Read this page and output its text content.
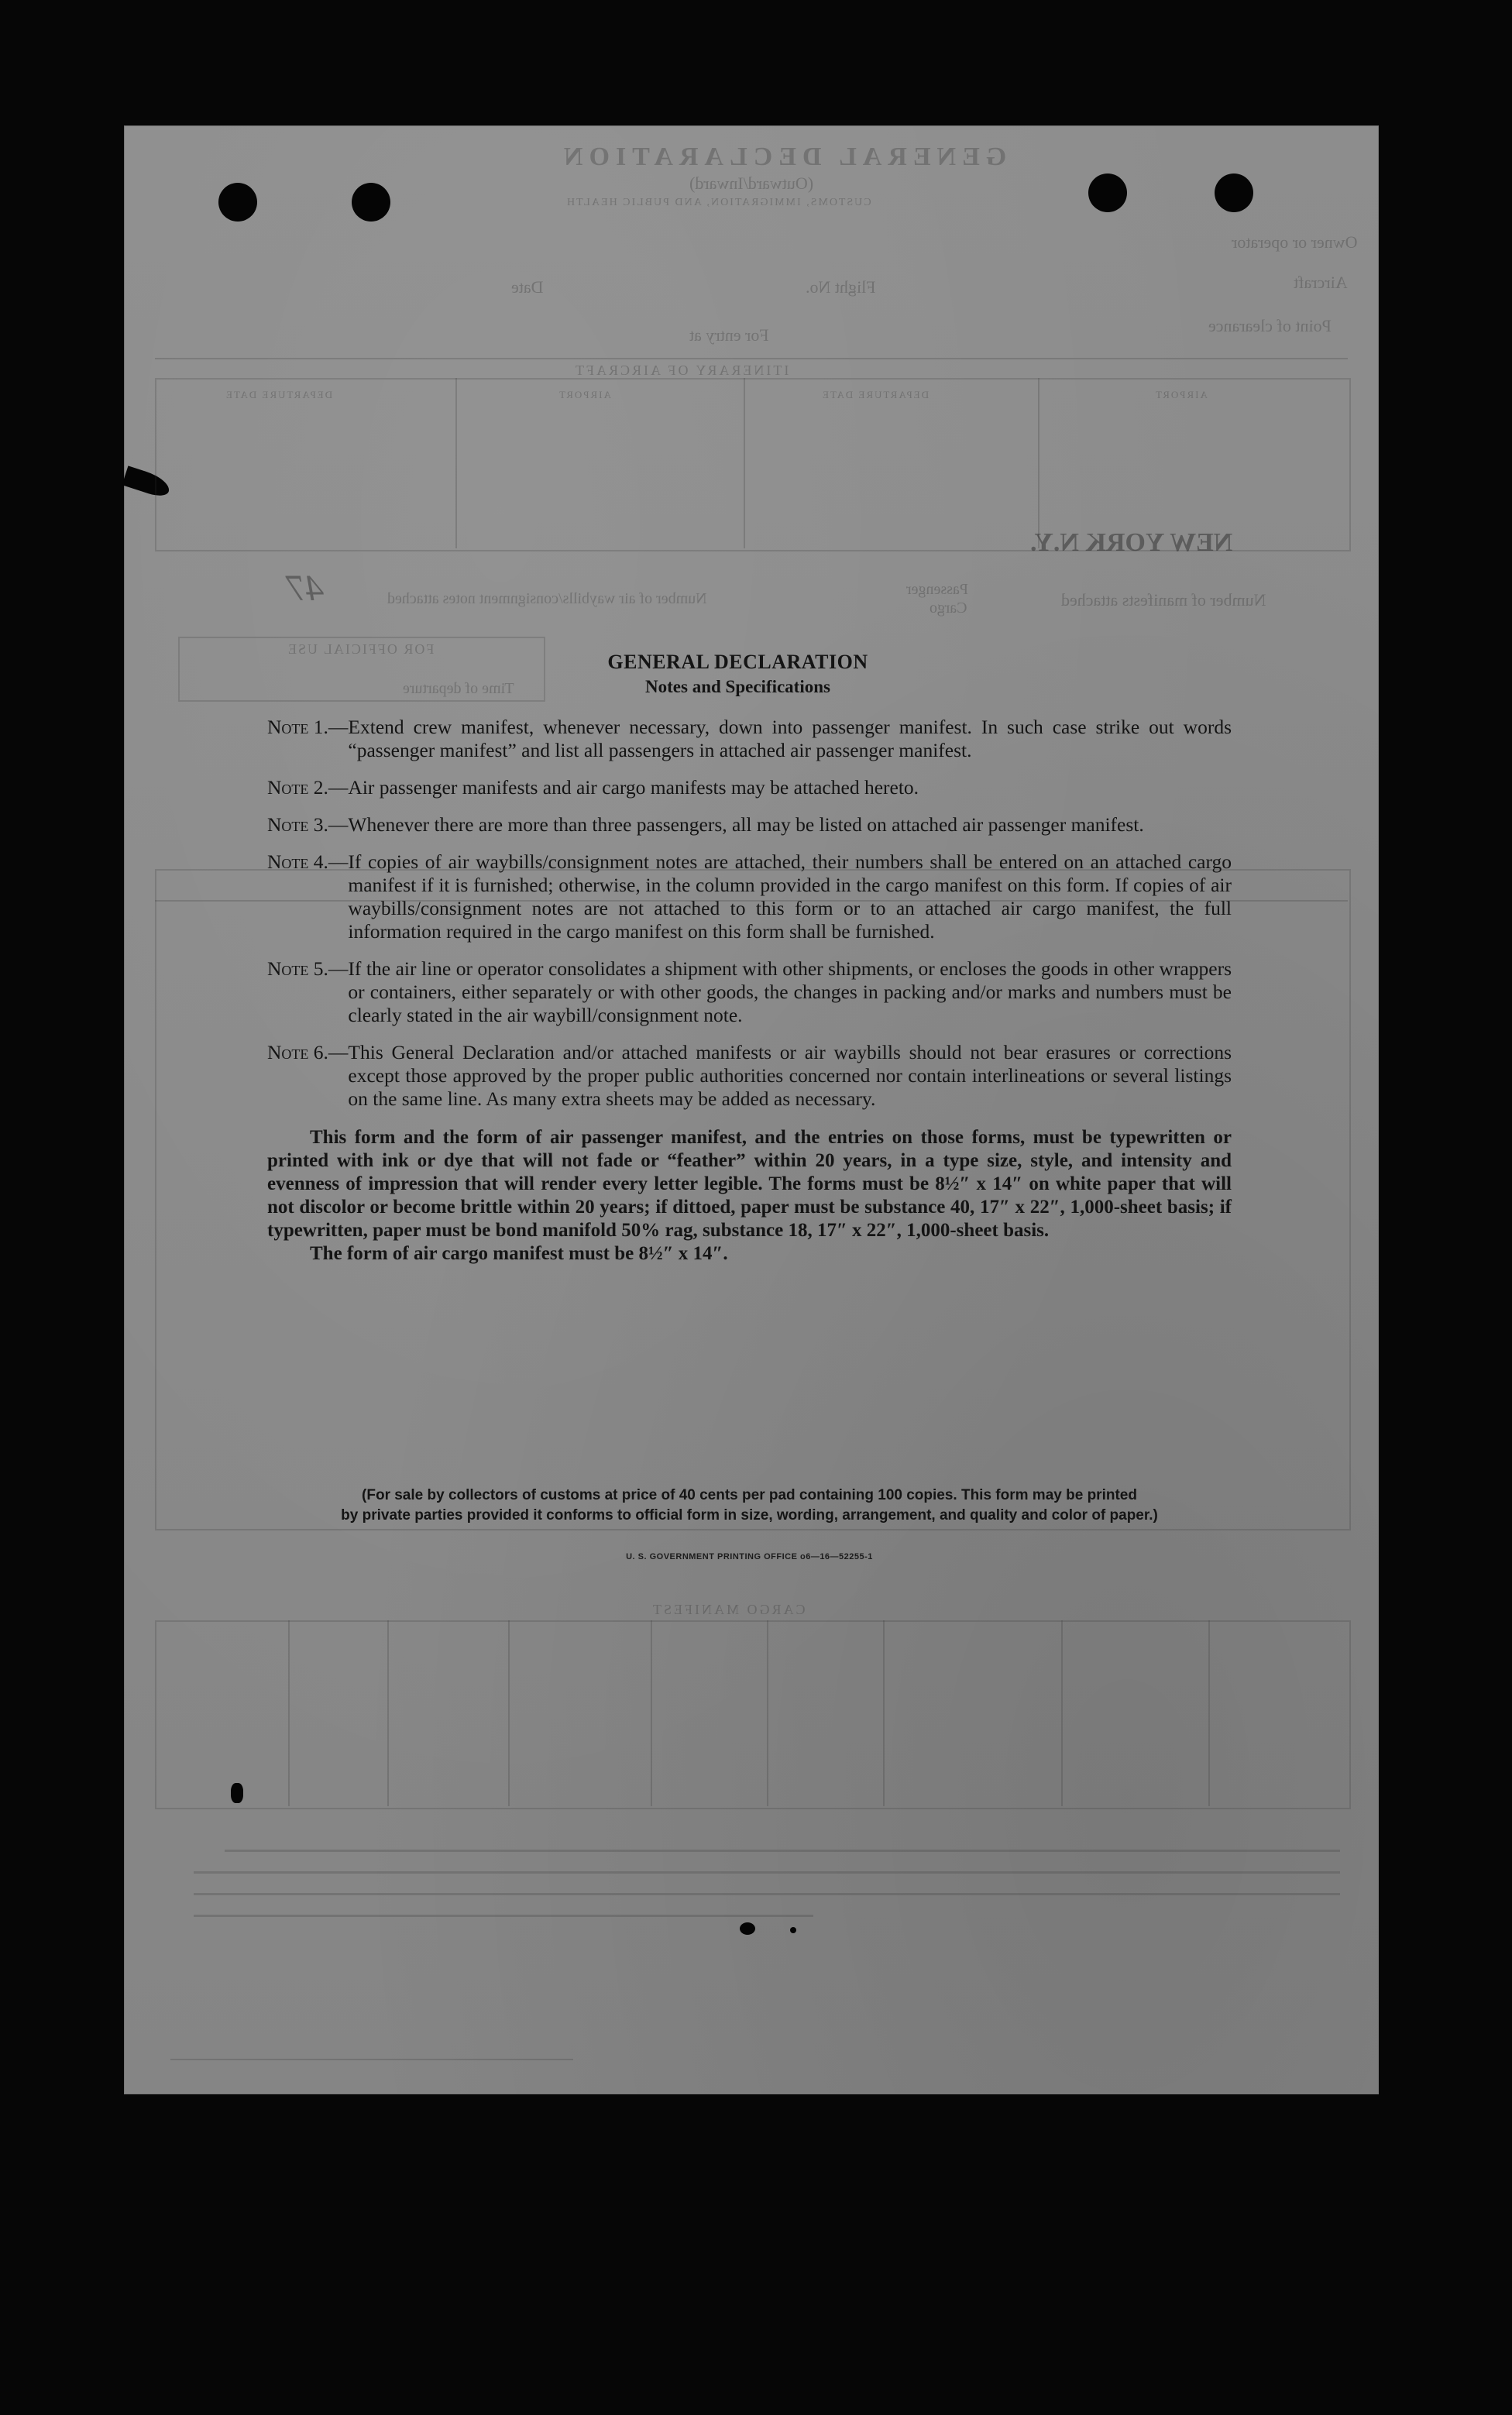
GENERAL DECLARATION
(Outward/Inward)
CUSTOMS, IMMIGRATION, AND PUBLIC HEALTH
Owner or operator
Aircraft
Flight No.
Date
Point of clearance
For entry at
ITINERARY OF AIRCRAFT
DEPARTURE DATE	AIRPORT	DEPARTURE DATE	AIRPORT
NEW YORK N.Y.
47	Number of manifests attached
Passenger
Cargo
Number of air waybills/consignment notes attached
FOR OFFICIAL USE
Time of departure
CARGO MANIFEST
GENERAL DECLARATION
Notes and Specifications
Note 1. — Extend crew manifest, whenever necessary, down into passenger manifest. In such case strike out words “passenger manifest” and list all passengers in attached air passenger manifest.
Note 2. — Air passenger manifests and air cargo manifests may be attached hereto.
Note 3. — Whenever there are more than three passengers, all may be listed on attached air passenger manifest.
Note 4. — If copies of air waybills/consignment notes are attached, their numbers shall be entered on an attached cargo manifest if it is furnished; otherwise, in the column provided in the cargo manifest on this form. If copies of air waybills/consignment notes are not attached to this form or to an attached air cargo manifest, the full information required in the cargo manifest on this form shall be furnished.
Note 5. — If the air line or operator consolidates a shipment with other shipments, or encloses the goods in other wrappers or containers, either separately or with other goods, the changes in packing and/or marks and numbers must be clearly stated in the air waybill/consignment note.
Note 6. — This General Declaration and/or attached manifests or air waybills should not bear erasures or corrections except those approved by the proper public authorities concerned nor contain interlineations or several listings on the same line. As many extra sheets may be added as necessary.
This form and the form of air passenger manifest, and the entries on those forms, must be typewritten or printed with ink or dye that will not fade or “feather” within 20 years, in a type size, style, and intensity and evenness of impression that will render every letter legible. The forms must be 8½″ x 14″ on white paper that will not discolor or become brittle within 20 years; if dittoed, paper must be substance 40, 17″ x 22″, 1,000-sheet basis; if typewritten, paper must be bond manifold 50% rag, substance 18, 17″ x 22″, 1,000-sheet basis.
The form of air cargo manifest must be 8½″ x 14″.
(For sale by collectors of customs at price of 40 cents per pad containing 100 copies. This form may be printed
by private parties provided it conforms to official form in size, wording, arrangement, and quality and color of paper.)
U. S. GOVERNMENT PRINTING OFFICE o6—16—52255-1
